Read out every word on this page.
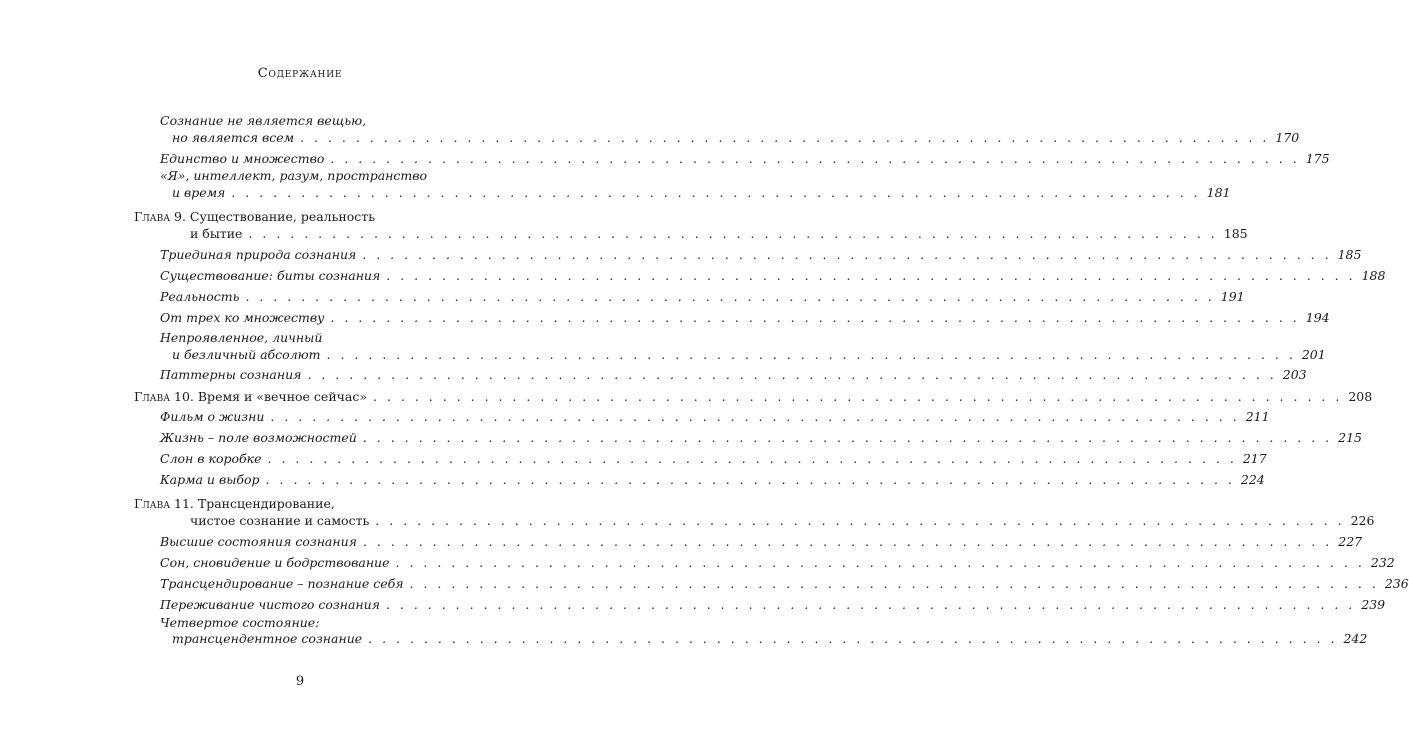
Содержание
Сознание не является вещью,
но является всем . . . . . . . . . . . . . . . . . . . . . . . . . . . . . . . . . . . . . . . . . . . . . . . . . . . . . . . . . . . . . . . . . . . . . . 170
Единство и множество . . . . . . . . . . . . . . . . . . . . . . . . . . . . . . . . . . . . . . . . . . . . . . . . . . . . . . . . . . . . . . . . . . . . . . 175
«Я», интеллект, разум, пространство
и время . . . . . . . . . . . . . . . . . . . . . . . . . . . . . . . . . . . . . . . . . . . . . . . . . . . . . . . . . . . . . . . . . . . . . . 181
Глава 9. Существование, реальность
и бытие . . . . . . . . . . . . . . . . . . . . . . . . . . . . . . . . . . . . . . . . . . . . . . . . . . . . . . . . . . . . . . . . . . . . . . 185
Триединая природа сознания . . . . . . . . . . . . . . . . . . . . . . . . . . . . . . . . . . . . . . . . . . . . . . . . . . . . . . . . . . . . . . . . . . . . . . 185
Существование: биты сознания . . . . . . . . . . . . . . . . . . . . . . . . . . . . . . . . . . . . . . . . . . . . . . . . . . . . . . . . . . . . . . . . . . . . . . 188
Реальность . . . . . . . . . . . . . . . . . . . . . . . . . . . . . . . . . . . . . . . . . . . . . . . . . . . . . . . . . . . . . . . . . . . . . . 191
От трех ко множеству . . . . . . . . . . . . . . . . . . . . . . . . . . . . . . . . . . . . . . . . . . . . . . . . . . . . . . . . . . . . . . . . . . . . . . 194
Непроявленное, личный
и безличный абсолют . . . . . . . . . . . . . . . . . . . . . . . . . . . . . . . . . . . . . . . . . . . . . . . . . . . . . . . . . . . . . . . . . . . . . . 201
Паттерны сознания . . . . . . . . . . . . . . . . . . . . . . . . . . . . . . . . . . . . . . . . . . . . . . . . . . . . . . . . . . . . . . . . . . . . . . 203
Глава 10. Время и «вечное сейчас» . . . . . . . . . . . . . . . . . . . . . . . . . . . . . . . . . . . . . . . . . . . . . . . . . . . . . . . . . . . . . . . . . . . . . . 208
Фильм о жизни . . . . . . . . . . . . . . . . . . . . . . . . . . . . . . . . . . . . . . . . . . . . . . . . . . . . . . . . . . . . . . . . . . . . . . 211
Жизнь – поле возможностей . . . . . . . . . . . . . . . . . . . . . . . . . . . . . . . . . . . . . . . . . . . . . . . . . . . . . . . . . . . . . . . . . . . . . . 215
Слон в коробке . . . . . . . . . . . . . . . . . . . . . . . . . . . . . . . . . . . . . . . . . . . . . . . . . . . . . . . . . . . . . . . . . . . . . . 217
Карма и выбор . . . . . . . . . . . . . . . . . . . . . . . . . . . . . . . . . . . . . . . . . . . . . . . . . . . . . . . . . . . . . . . . . . . . . . 224
Глава 11. Трансцендирование,
чистое сознание и самость . . . . . . . . . . . . . . . . . . . . . . . . . . . . . . . . . . . . . . . . . . . . . . . . . . . . . . . . . . . . . . . . . . . . . . 226
Высшие состояния сознания . . . . . . . . . . . . . . . . . . . . . . . . . . . . . . . . . . . . . . . . . . . . . . . . . . . . . . . . . . . . . . . . . . . . . . 227
Сон, сновидение и бодрствование . . . . . . . . . . . . . . . . . . . . . . . . . . . . . . . . . . . . . . . . . . . . . . . . . . . . . . . . . . . . . . . . . . . . . . 232
Трансцендирование – познание себя . . . . . . . . . . . . . . . . . . . . . . . . . . . . . . . . . . . . . . . . . . . . . . . . . . . . . . . . . . . . . . . . . . . . . . 236
Переживание чистого сознания . . . . . . . . . . . . . . . . . . . . . . . . . . . . . . . . . . . . . . . . . . . . . . . . . . . . . . . . . . . . . . . . . . . . . . 239
Четвертое состояние:
трансцендентное сознание . . . . . . . . . . . . . . . . . . . . . . . . . . . . . . . . . . . . . . . . . . . . . . . . . . . . . . . . . . . . . . . . . . . . . . 242
9
